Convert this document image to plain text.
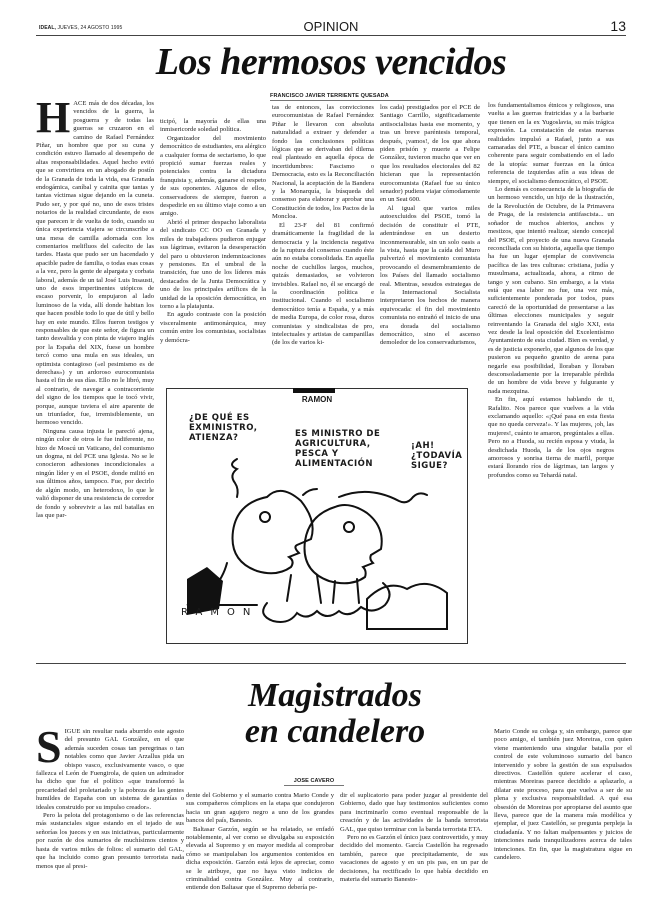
IDEAL, JUEVES, 24 AGOSTO 1995	OPINION	13
Los hermosos vencidos
FRANCISCO JAVIER TERRIENTE QUESADA
H ACE más de dos décadas, los vencidos de la guerra, la posguerra y de todas las guerras se cruzaron en el camino de Rafael Fernández Piñar, un hombre que por su cuna y condición estuvo llamado al desempeño de altas responsabilidades. Aquel hecho evitó que se convirtiera en un abogado de postín de la Granada de toda la vida, esa Granada endogámica, caníbal y cainita que tantas y tantas víctimas sigue dejando en la cuneta. Pudo ser, y por qué no, uno de esos tristes notarios de la realidad circundante, de esos que parecen ir de vuelta de todo, cuando su única experiencia viajera se circunscribe a una mesa de camilla adornada con los comentarios melifluos del cafecito de las tardes. Hasta que pudo ser un hacendado y apacible padre de familia, o todas esas cosas a la vez, pero la gente de alpargata y corbata laboral, además de un tal José Luis Insausti, uno de esos impertinentes utópicos de escaso porvenir, lo empujaron al lado luminoso de la vida, allí donde habitan los que hacen posible todo lo que de útil y bello hay en este mundo. Ellos fueron testigos y responsables de que este señor, de figura un tanto desvalida y con pinta de viajero inglés por la España del XIX, fuese un hombre tercó como una mula en sus ideales, un optimista contagioso («el pesimismo es de derechas») y un ardoroso eurocomunista hasta el fin de sus días. Ello no le libró, muy al contrario, de navegar a contracorriente del signo de los tiempos que le tocó vivir, porque, aunque tuviera el aire aparente de un triunfador, fue, irremisiblemente, un hermoso vencido.

Ninguna causa injusta le pareció ajena, ningún color de otros le fue indiferente, no hizo de Moscú un Vaticano, del comunismo un dogma, ni del PCE una Iglesia. No se le conocieron adhesiones incondicionales a ningún líder y en el PSOE, donde militó en sus últimos años, tampoco. Fue, por decirlo de algún modo, un heterodoxo, lo que le valió disponer de una resistencia de corredor de fondo y sobrevivir a las mil batallas en las que par-

ticipó, la mayoría de ellas una inmisericorde soledad política.

Organizador del movimiento democrático de estudiantes, era alérgico a cualquier forma de sectarismo, lo que propició sumar fuerzas reales y potenciales contra la dictadura franquista y, además, ganarse el respeto de sus oponentes. Algunos de ellos, conservadores de siempre, fueron a despedirle en su último viaje como a un amigo.

Abrió el primer despacho laboralista del sindicato CC OO en Granada y miles de trabajadores pudieron enjugar sus lágrimas, evitaron la desesperación del paro u obtuvieron indemnizaciones y pensiones. En el umbral de la transición, fue uno de los líderes más destacados de la Junta Democrática y uno de los principales artífices de la unidad de la oposición democrática, en torno a la platajunta.

En agudo contraste con la posición visceralmente antimonárquica, muy común entre los comunistas, socialistas y demócra-

tas de entonces, las convicciones eurocomunistas de Rafael Fernández Piñar le llevaron con absoluta naturalidad a extraer y defender a fondo las conclusiones políticas lógicas que se derivaban del dilema real planteado en aquella época de incertidumbres: Fascismo o Democracia, esto es la Reconciliación Nacional, la aceptación de la Bandera y la Monarquía, la búsqueda del consenso para elaborar y aprobar una Constitución de todos, los Pactos de la Moncloa.

El 23-F del 81 confirmó dramáticamente la fragilidad de la democracia y la incidencia negativa de la ruptura del consenso cuando éste aún no estaba consolidada. En aquella noche de cuchillos largos, muchos, quizás demasiados, se volvieron invisibles. Rafael no, él se encargó de la coordinación política e institucional. Cuando el socialismo democrático tenía a España, y a más de media Europa, de color rosa, duros comunistas y sindicalistas de pro, intelectuales y artistas de campanillas (de los de varios ki-

los cada) prestigiados por el PCE de Santiago Carrillo, significadamente antisocialistas hasta ese momento, y tras un breve paréntesis temporal, después, ¡vamos!, de los que ahora piden prisión y muerte a Felipe González, tuvieron mucho que ver en que los resultados electorales del 82 hicieran que la representación eurocomunista (Rafael fue su único senador) pudiera viajar cómodamente en un Seat 600.

Al igual que varios miles autoexcluidos del PSOE, tomó la decisión de constituir el PTE, adentrándose en un desierto inconmensurable, sin un solo oasis a la vista, hasta que la caída del Muro pulverizó el movimiento comunista provocando el desmembramiento de los Países del llamado socialismo real. Mientras, sesudos estrategas de la Internacional Socialista interpretaron los hechos de manera equivocada: el fin del movimiento comunista no entrañó el inicio de una era dorada del socialismo democrático, sino el ascenso demoledor de los conservadurismos,

los fundamentalismos étnicos y religiosos, una vuelta a las guerras fratricidas y a la barbarie que tienen en la ex Yugoslavia, su más trágica expresión. La constatación de estas nuevas realidades impulsó a Rafael, junto a sus camaradas del PTE, a buscar el único camino coherente para seguir combatiendo en el lado de la utopía: sumar fuerzas en la única referencia de izquierdas afín a sus ideas de siempre, el socialismo democrático, el PSOE.

Lo demás es consecuencia de la biografía de un hermoso vencido, un hijo de la ilustración, de la Revolución de Octubre, de la Primavera de Praga, de la resistencia antifascista... un soñador de muchos abiertos, anchos y mestizos, que intentó realizar, siendo concejal del PSOE, el proyecto de una nueva Granada reconciliada con su historia, aquella que tiempo ha fue un lugar ejemplar de convivencia pacífica de las tres culturas: cristiana, judía y musulmana, actualizada, ahora, a ritmo de tango y son cubano. Sin embargo, a la vista está que esa labor no fue, una vez más, suficientemente ponderada por todos, pues careció de la oportunidad de presentarse a las últimas elecciones municipales y seguir reinventando la Granada del siglo XXI, esta vez desde la leal oposición del Excelentísimo Ayuntamiento de esta ciudad. Bien es verdad, y es de justicia exponerlo, que algunos de los que pusieron su pequeño granito de arena para negarle esa posibilidad, lloraban y lloraban desconsoladamente por la irreparable pérdida de un hombre de vida breve y fulgurante y nada mezquina.

En fin, aquí estamos hablando de ti, Rafalito. Nos parece que vuelves a la vida exclamando aquello: «¡Qué pasa en esta fiesta que no queda cerveza!». Y las mujeres, ¡oh, las mujeres!, cuánto te amaron, pregúntales a ellas. Pero no a Huoda, su recién esposa y viuda, la desdichada Huoda, la de los ojos negros amorosos y sonrisa tierna de marfil, porque estará llorando ríos de lágrimas, tan largos y profundos como su Tehardá natal.

RAMON
¿DE QUÉ ES EXMINISTRO, ATIENZA?	ES MINISTRO DE AGRICULTURA, PESCA Y ALIMENTACIÓN
¡AH! ¿TODAVÍA SIGUE?
RAMON
Magistrados
en candelero
JOSE CAVERO
S IGUE sin resultar nada aburrido este agosto del presunto GAL González, en el que además suceden cosas tan peregrinas o tan notables como que Javier Arzallus pida un obispo vasco, exclusivamente vasco, o que fallezca el León de Fuengirola, de quien un admirador ha dicho que fue el político «que transformó la precariedad del proletariado y la pobreza de las gentes humildes de España con un sistema de garantías o ideales construido por su impulso creador».

Pero la pelota del protagonismo o de las referencias más sustanciales sigue estando en el tejado de sus señorías los jueces y en sus iniciativas, particularmente por razón de dos sumarios de muchísimos cientos y hasta de varios miles de folios: el sumario del GAL, que ha incluido como gran presunto terrorista nada menos que al presi-

dente del Gobierno y el sumario contra Mario Conde y sus compañeros cómplices en la etapa que condujeron hacia un gran agujero negro a uno de los grandes bancos del país, Banesto.

Baltasar Garzón, según se ha relatado, se enfadó notablemente, al ver como se divulgaba su exposición elevada al Supremo y en mayor medida al comprobar cómo se manipulaban los argumentos contenidos en dicha exposición. Garzón está lejos de apreciar, como se le atribuye, que no haya visto indicios de criminalidad contra González. Muy al contrario, entiende don Baltasar que el Supremo debería pe-

dir el suplicatorio para poder juzgar al presidente del Gobierno, dado que hay testimonios suficientes como para incriminarlo como eventual responsable de la creación y de las actividades de la banda terrorista GAL, que quiso terminar con la banda terrorista ETA.

Pero no es Garzón el único juez controvertido, y muy decidido del momento. García Castellón ha regresado también, parece que precipitadamente, de sus vacaciones de agosto y en un pis pas, en un par de decisiones, ha rectificado lo que había decidido en materia del sumario Banesto-

Mario Conde su colega y, sin embargo, parece que poco amigo, el también juez Moreiras, con quien viene manteniendo una singular batalla por el control de este voluminoso sumario del banco intervenido y sobre la gestión de sus expulsados directivos. Castellón quiere acelerar el caso, mientras Moreiras parece decidido a aplazarlo, a dilatar este proceso, para que vuelva a ser de su plena y exclusiva responsabilidad. A qué esa obsesión de Moreiras por apropiarse del asunto que lleva, parece que de la manera más modélica y ejemplar, el juez Castellón, se pregunta perpleja la ciudadanía. Y no faltan malpensantes y juicios de intenciones nada tranquilizadores acerca de tales intenciones. En fin, que la magistratura sigue en candelero.
